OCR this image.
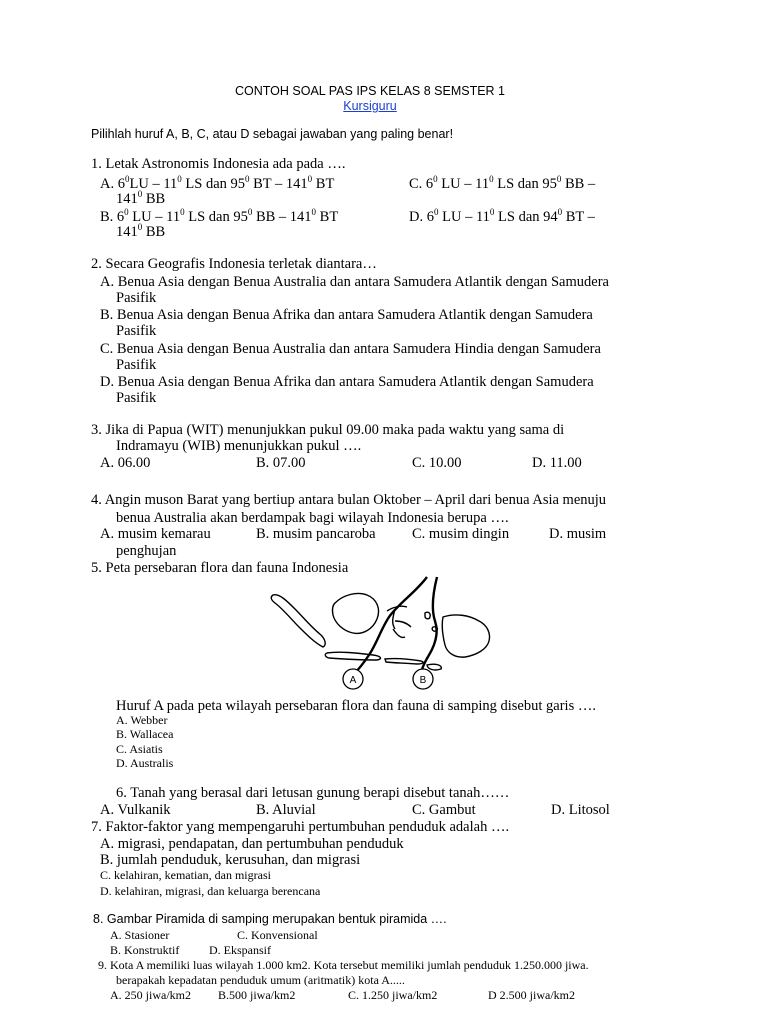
CONTOH SOAL PAS IPS KELAS 8 SEMSTER 1
Kursiguru
Pilihlah huruf A, B, C, atau D sebagai jawaban yang paling benar!
1. Letak Astronomis Indonesia ada pada ….
A. $6^0LU - 11^0$ LS dan $95^0$ BT – $141^0$ BT	C. $6^0$ LU – $11^0$ LS dan $95^0$ BB –
$141^0$ BB
B. $6^0$ LU – $11^0$ LS dan $95^0$ BB – $141^0$ BT	D. $6^0$ LU – $11^0$ LS dan $94^0$ BT –
$141^0$ BB
2. Secara Geografis Indonesia terletak diantara…
A. Benua Asia dengan Benua Australia dan antara Samudera Atlantik dengan Samudera
Pasifik
B. Benua Asia dengan Benua Afrika dan antara Samudera Atlantik dengan Samudera
Pasifik
C. Benua Asia dengan Benua Australia dan antara Samudera Hindia dengan Samudera
Pasifik
D. Benua Asia dengan Benua Afrika dan antara Samudera Atlantik dengan Samudera
Pasifik
3. Jika di Papua (WIT) menunjukkan pukul 09.00 maka pada waktu yang sama di
Indramayu (WIB) menunjukkan pukul ….
A. 06.00	B. 07.00	C. 10.00	D. 11.00
4. Angin muson Barat yang bertiup antara bulan Oktober – April dari benua Asia menuju
benua Australia akan berdampak bagi wilayah Indonesia berupa ….
A. musim kemarau	B. musim pancaroba	C. musim dingin	D. musim
penghujan
5. Peta persebaran flora dan fauna Indonesia
A	B
Huruf A pada peta wilayah persebaran flora dan fauna di samping disebut garis ….
A. Webber
B. Wallacea
C. Asiatis
D. Australis
6. Tanah yang berasal dari letusan gunung berapi disebut tanah……
A. Vulkanik	B. Aluvial	C. Gambut	D. Litosol
7. Faktor-faktor yang mempengaruhi pertumbuhan penduduk adalah ….
A. migrasi, pendapatan, dan pertumbuhan penduduk
B. jumlah penduduk, kerusuhan, dan migrasi
C. kelahiran, kematian, dan migrasi
D. kelahiran, migrasi, dan keluarga berencana
8. Gambar Piramida di samping merupakan bentuk piramida ….
A. Stasioner	C. Konvensional
B. Konstruktif D. Ekspansif
9. Kota A memiliki luas wilayah 1.000 km2. Kota tersebut memiliki jumlah penduduk 1.250.000 jiwa.
berapakah kepadatan penduduk umum (aritmatik) kota A.....
A. 250 jiwa/km2 B.500 jiwa/km2	C. 1.250 jiwa/km2	D 2.500 jiwa/km2
